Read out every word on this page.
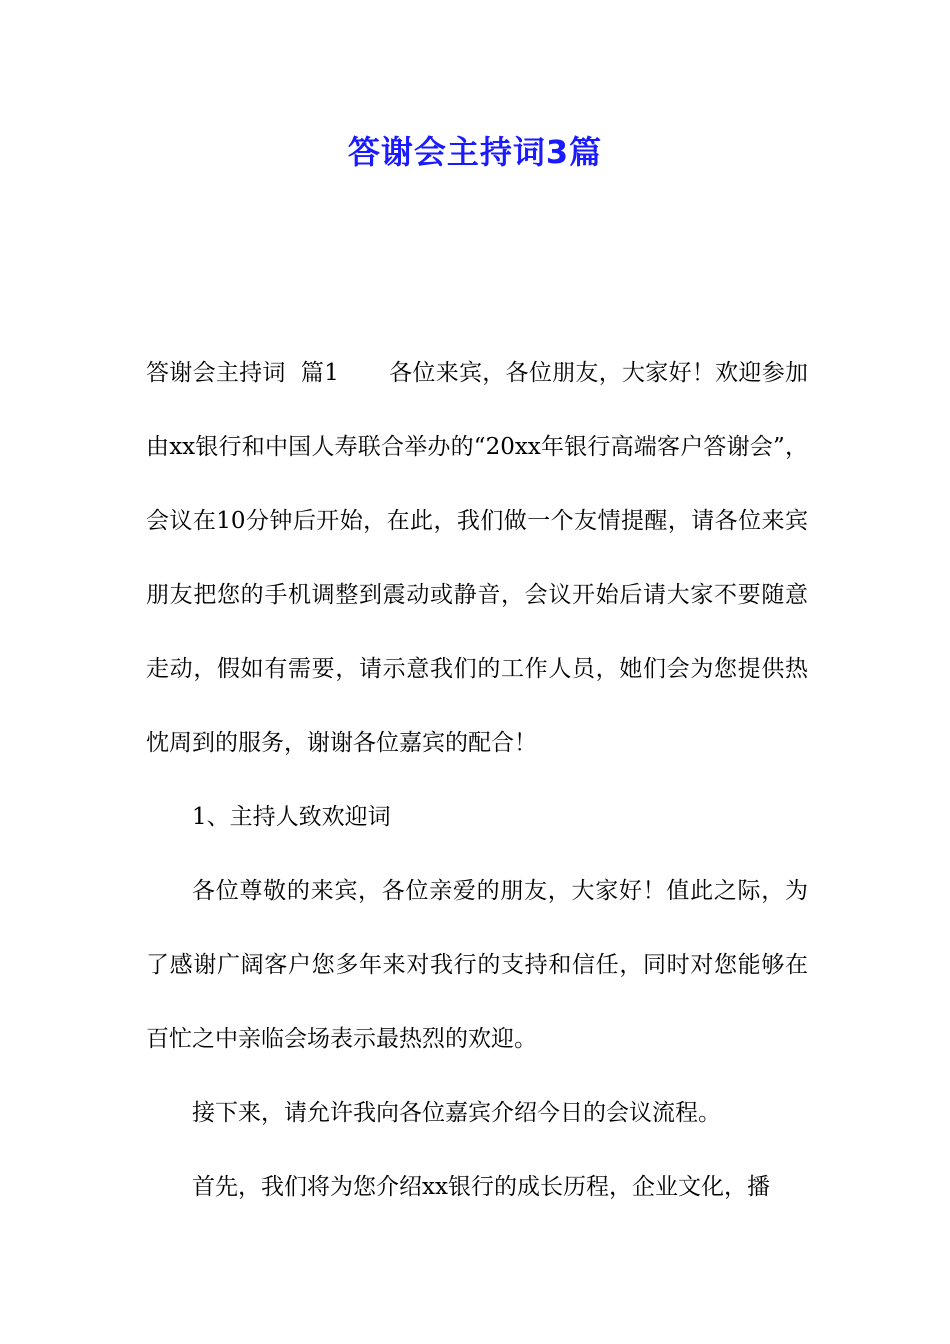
答谢会主持词3篇

答谢会主持词  篇1 各位来宾，各位朋友，大家好！欢迎参加由xx银行和中国人寿联合举办的“20xx年银行高端客户答谢会”，会议在10分钟后开始，在此，我们做一个友情提醒，请各位来宾朋友把您的手机调整到震动或静音，会议开始后请大家不要随意走动，假如有需要，请示意我们的工作人员，她们会为您提供热忱周到的服务，谢谢各位嘉宾的配合！

1、主持人致欢迎词

各位尊敬的来宾，各位亲爱的朋友，大家好！值此之际，为了感谢广阔客户您多年来对我行的支持和信任，同时对您能够在百忙之中亲临会场表示最热烈的欢迎。

接下来，请允许我向各位嘉宾介绍今日的会议流程。

首先，我们将为您介绍xx银行的成长历程，企业文化，播
